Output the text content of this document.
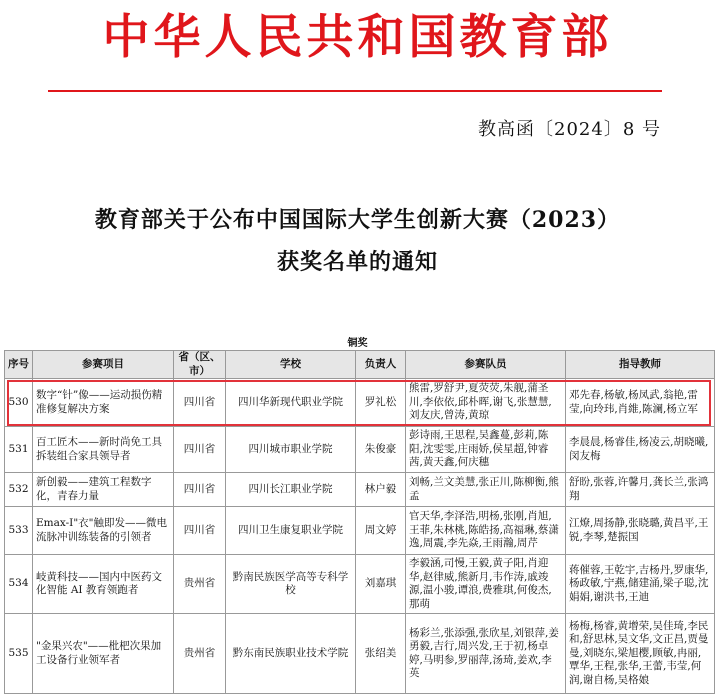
中华人民共和国教育部
教高函〔2024〕8 号
教育部关于公布中国国际大学生创新大赛（2023）
获奖名单的通知
铜奖
序号	参赛项目	省（区、市）	学校	负责人	参赛队员	指导教师
530	数字“针”像——运动损伤精准修复解决方案	四川省	四川华新现代职业学院	罗礼松	熊雷,罗舒尹,夏荧荧,朱舰,蒲圣川,李依依,邱朴晖,谢飞,张慧慧,刘友庆,曾涛,黄琼	邓先春,杨敏,杨凤武,翁艳,雷莹,向玲玮,肖維,陈澜,杨立军
531	百工匠木——新时尚免工具拆装组合家具领导者	四川省	四川城市职业学院	朱俊豪	彭诗雨,王思程,吴鑫蔓,彭莉,陈阳,沈雯雯,庄雨娇,侯星超,钟睿茜,黄天鑫,何庆穗	李晨晨,杨睿佳,杨凌云,胡晓曦,闵友梅
532	新创毅——建筑工程数字化，青春力量	四川省	四川长江职业学院	林户毅	刘畅,兰文美慧,张正川,陈柳衡,熊孟	舒盼,张蓉,许馨月,龚长兰,张鸿翔
533	Emax-I"衣"触即发——微电流脉冲训练装备的引领者	四川省	四川卫生康复职业学院	周文婷	官天华,李泽浩,明杨,张刚,肖旭,王菲,朱林桃,陈皓扬,高福琳,蔡潇逸,周震,李先焱,王雨瀚,周芹	江燎,周扬静,张晓璐,黄昌平,王锐,李琴,楚振国
534	岐黄科技——国内中医药文化智能 AI 教育领跑者	贵州省	黔南民族医学高等专科学校	刘嘉琪	李毅涵,司慢,王毅,黄子阳,肖迎华,赵律威,熊新月,韦作涛,戚竣源,温小骏,谭浪,费雅琪,何俊杰,那萌	蒋催蓉,王乾宇,吉杨丹,罗康华,杨政敏,宁燕,储建涌,梁子聪,沈娟娟,谢洪书,王迪
535	"金果兴农"——枇杷次果加工设备行业领军者	贵州省	黔东南民族职业技术学院	张绍美	杨彩兰,张添强,张欣星,刘银萍,姜勇毅,吉行,周兴发,王于初,杨卓婷,马明参,罗丽萍,汤琦,姜欢,李英	杨梅,杨睿,黄增荣,吴佳琦,李民和,舒思林,吴文华,文正昌,贾曼曼,刘晓东,梁旭樱,顾敏,冉丽,覃华,王程,张华,王蕾,韦莹,何润,谢自杨,吴格娘
